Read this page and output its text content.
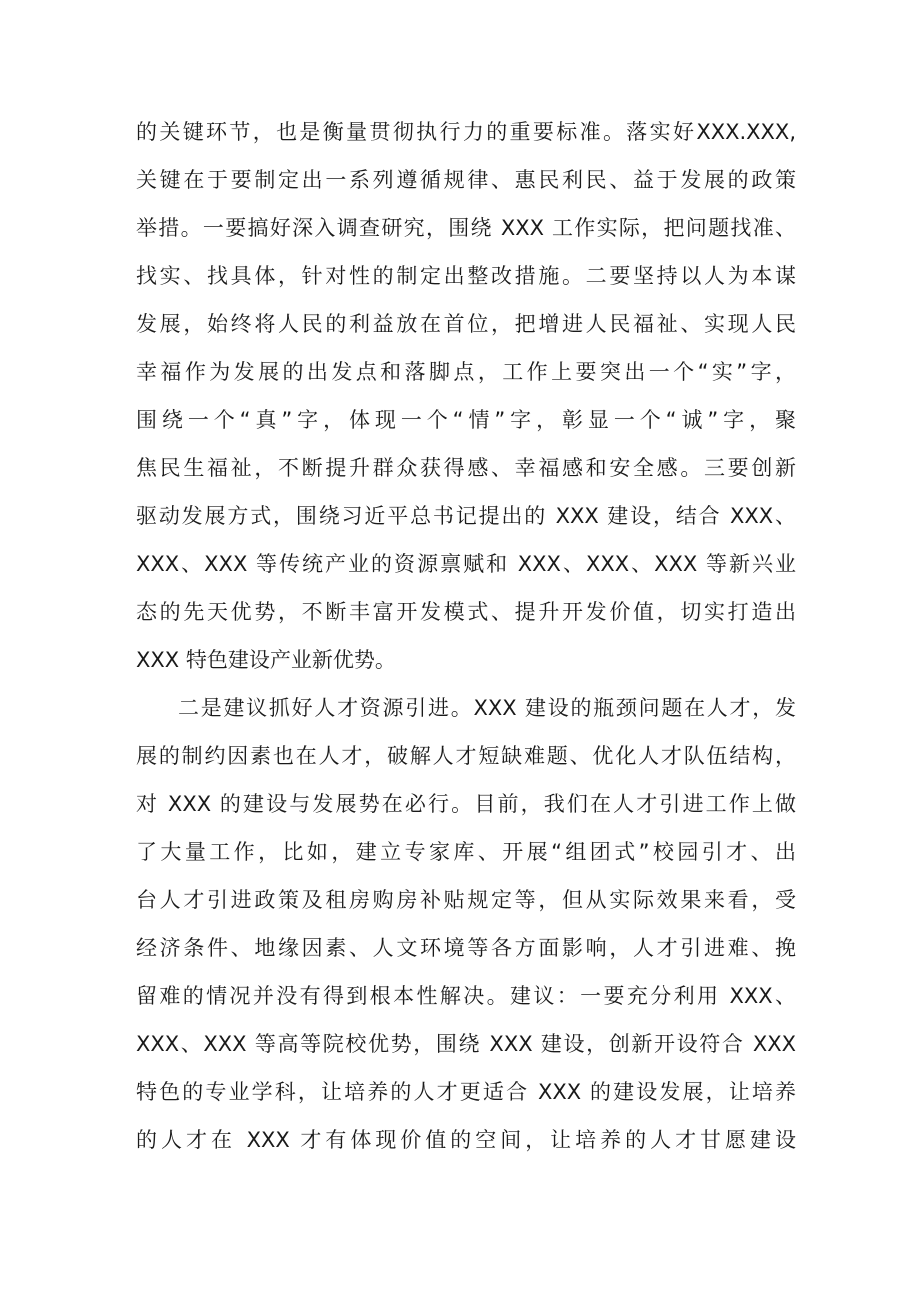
的关键环节，也是衡量贯彻执行力的重要标准。落实好XXX.XXX,
关键在于要制定出一系列遵循规律、惠民利民、益于发展的政策
举措。一要搞好深入调查研究，围绕 XXX 工作实际，把问题找准、
找实、找具体，针对性的制定出整改措施。二要坚持以人为本谋
发展，始终将人民的利益放在首位，把增进人民福祉、实现人民
幸福作为发展的出发点和落脚点，工作上要突出一个“实”字，
围绕一个“真”字，体现一个“情”字，彰显一个“诚”字，聚
焦民生福祉，不断提升群众获得感、幸福感和安全感。三要创新
驱动发展方式，围绕习近平总书记提出的 XXX 建设，结合 XXX、
XXX、XXX 等传统产业的资源禀赋和 XXX、XXX、XXX 等新兴业
态的先天优势，不断丰富开发模式、提升开发价值，切实打造出
XXX 特色建设产业新优势。
二是建议抓好人才资源引进。XXX 建设的瓶颈问题在人才，发
展的制约因素也在人才，破解人才短缺难题、优化人才队伍结构，
对 XXX 的建设与发展势在必行。目前，我们在人才引进工作上做
了大量工作，比如，建立专家库、开展“组团式”校园引才、出
台人才引进政策及租房购房补贴规定等，但从实际效果来看，受
经济条件、地缘因素、人文环境等各方面影响，人才引进难、挽
留难的情况并没有得到根本性解决。建议：一要充分利用 XXX、
XXX、XXX 等高等院校优势，围绕 XXX 建设，创新开设符合 XXX
特色的专业学科，让培养的人才更适合 XXX 的建设发展，让培养
的人才在 XXX 才有体现价值的空间，让培养的人才甘愿建设
